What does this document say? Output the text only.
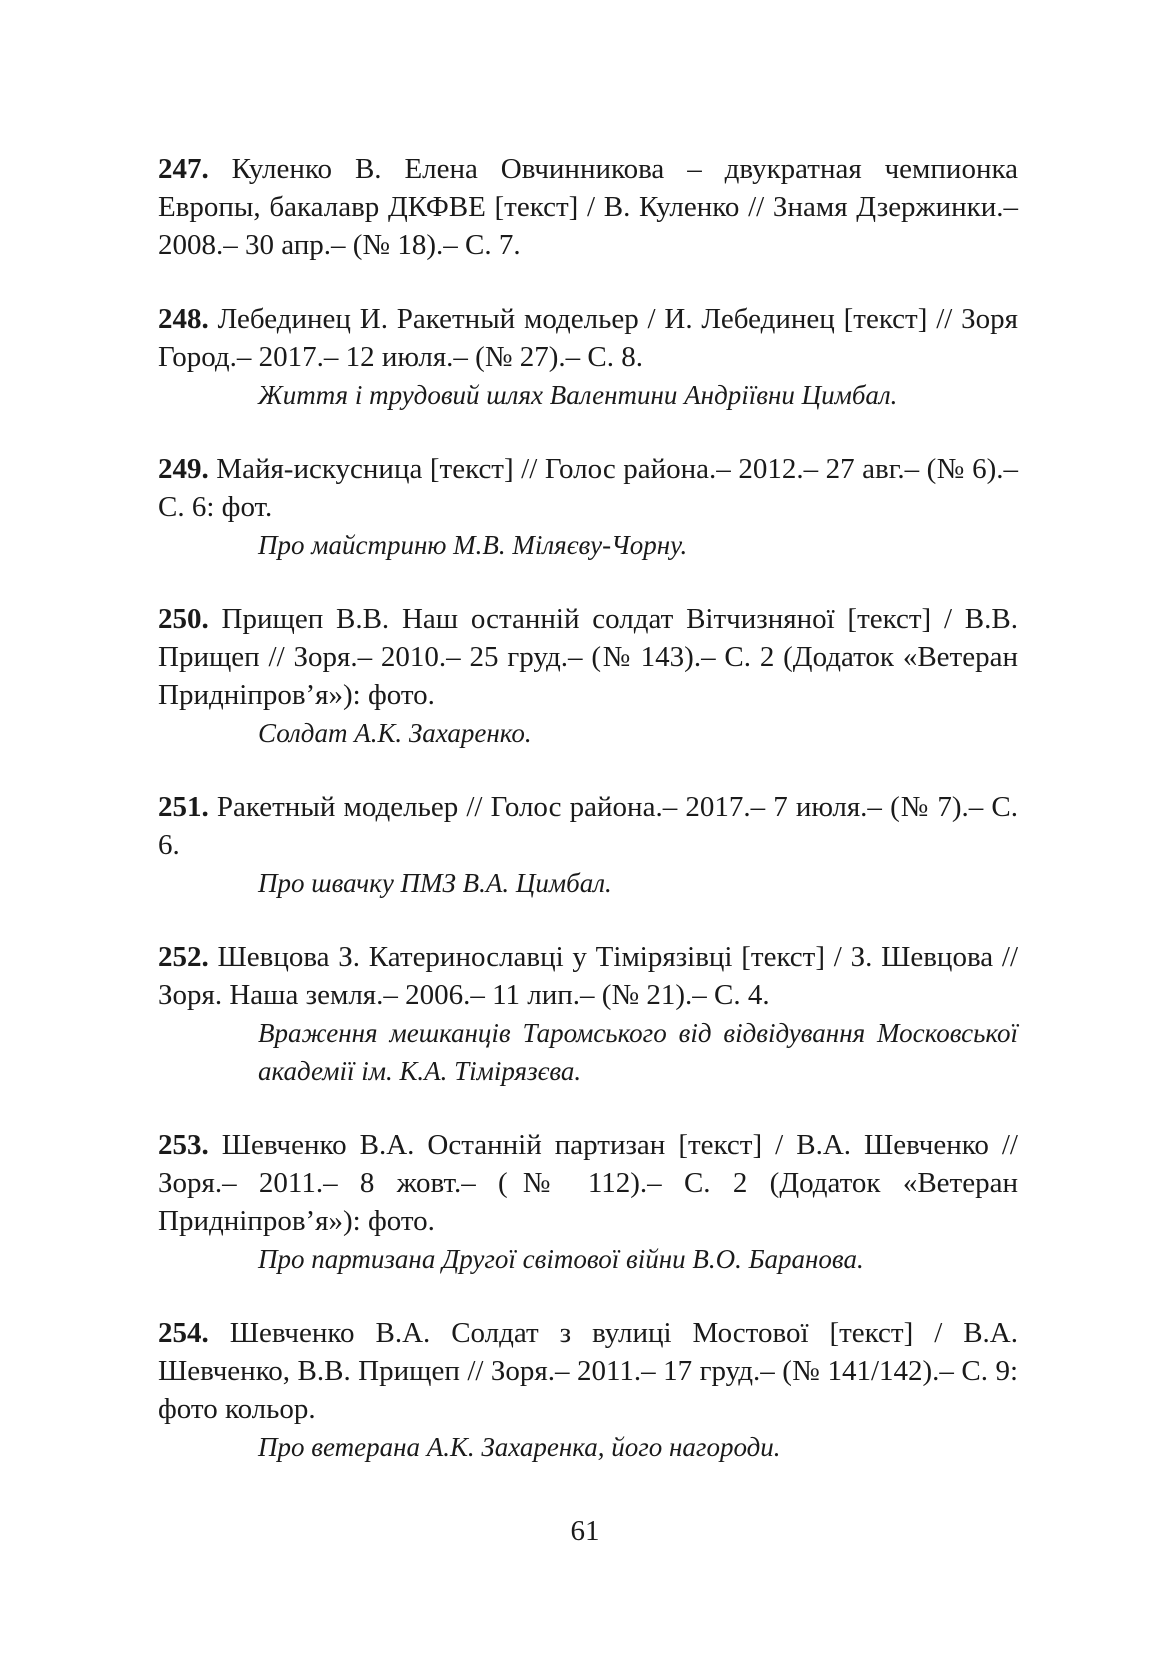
247. Куленко В. Елена Овчинникова – двукратная чемпионка Европы, бакалавр ДКФВЕ [текст] / В. Куленко // Знамя Дзержинки.– 2008.– 30 апр.– (№ 18).– С. 7.

248. Лебединец И. Ракетный модельер / И. Лебединец [текст] // Зоря Город.– 2017.– 12 июля.– (№ 27).– С. 8.

Життя і трудовий шлях Валентини Андріївни Цимбал.

249. Майя-искусница [текст] // Голос района.– 2012.– 27 авг.– (№ 6).– С. 6: фот.

Про майстриню М.В. Міляєву-Чорну.

250. Прищеп В.В. Наш останній солдат Вітчизняної [текст] / В.В. Прищеп // Зоря.– 2010.– 25 груд.– (№ 143).– С. 2 (Додаток «Ветеран Придніпров’я»): фото.

Солдат А.К. Захаренко.

251. Ракетный модельер // Голос района.– 2017.– 7 июля.– (№ 7).– С. 6.

Про швачку ПМЗ В.А. Цимбал.

252. Шевцова З. Катеринославці у Тімірязівці [текст] / З. Шевцова // Зоря. Наша земля.– 2006.– 11 лип.– (№ 21).– С. 4.

Враження мешканців Таромського від відвідування Московської академії ім. К.А. Тімірязєва.

253. Шевченко В.А. Останній партизан [текст] / В.А. Шевченко // Зоря.– 2011.– 8 жовт.– (№ 112).– С. 2 (Додаток «Ветеран Придніпров’я»): фото.

Про партизана Другої світової війни В.О. Баранова.

254. Шевченко В.А. Солдат з вулиці Мостової [текст] / В.А. Шевченко, В.В. Прищеп // Зоря.– 2011.– 17 груд.– (№ 141/142).– С. 9: фото кольор.

Про ветерана А.К. Захаренка, його нагороди.

61
